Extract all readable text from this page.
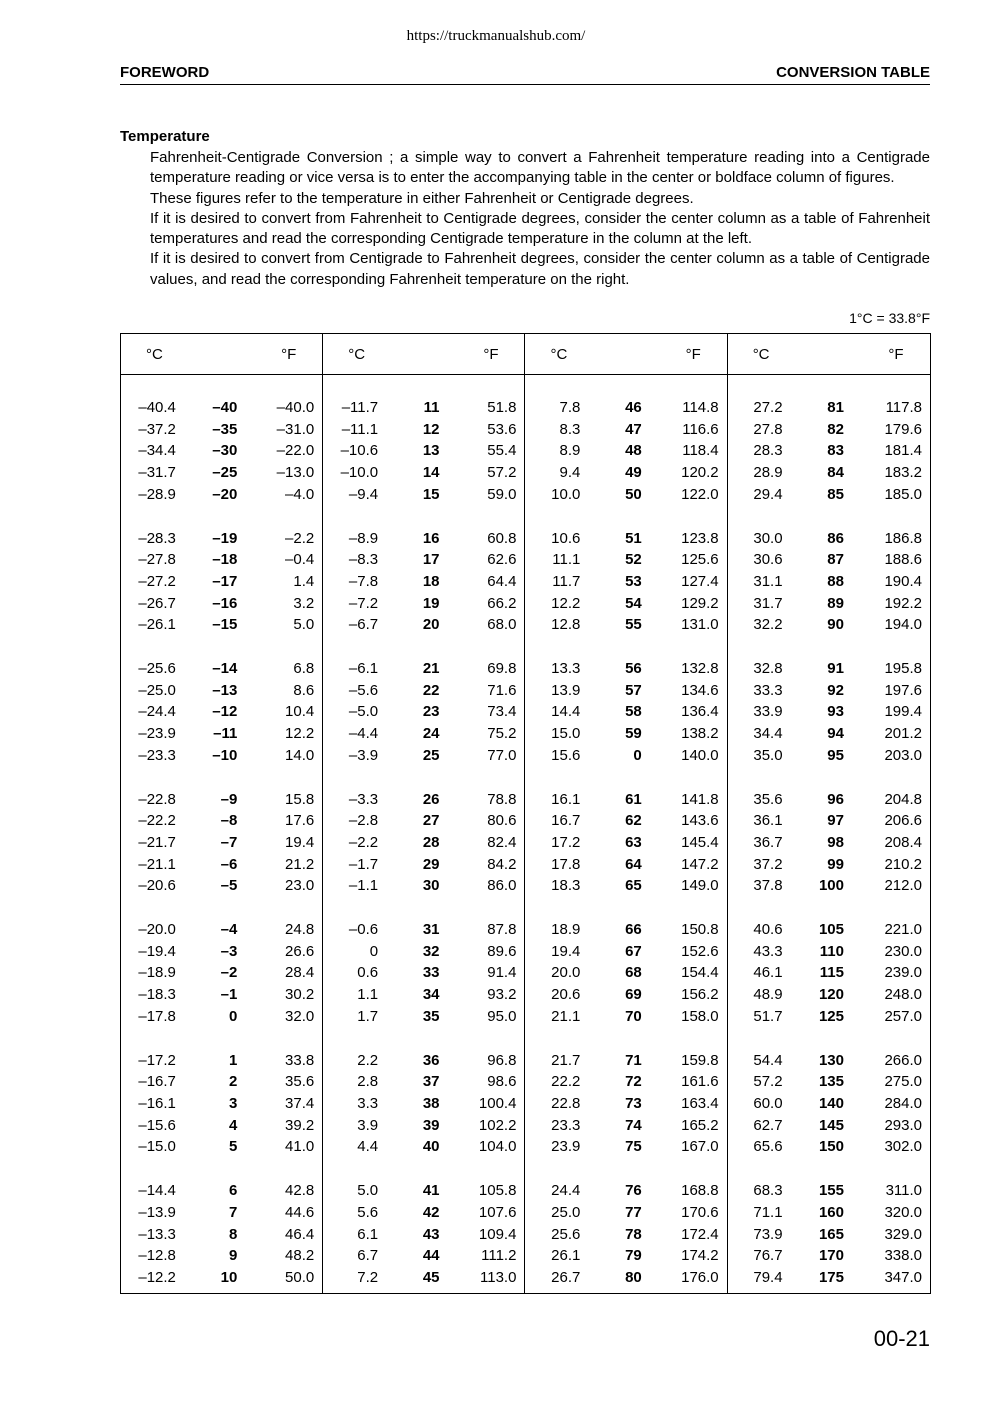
https://truckmanualshub.com/
FOREWORD	CONVERSION TABLE
Temperature

Fahrenheit-Centigrade Conversion ; a simple way to convert a Fahrenheit temperature reading into a Centigrade temperature reading or vice versa is to enter the accompanying table in the center or boldface column of figures.

These figures refer to the temperature in either Fahrenheit or Centigrade degrees.

If it is desired to convert from Fahrenheit to Centigrade degrees, consider the center column as a table of Fahrenheit temperatures and read the corresponding Centigrade temperature in the column at the left.

If it is desired to convert from Centigrade to Fahrenheit degrees, consider the center column as a table of Centigrade values, and read the corresponding Fahrenheit temperature on the right.

1°C = 33.8°F
°C		°F	°C		°F	°C		°F	°C		°F

–40.4	–40	–40.0	–11.7	11	51.8	7.8	46	114.8	27.2	81	117.8
–37.2	–35	–31.0	–11.1	12	53.6	8.3	47	116.6	27.8	82	179.6
–34.4	–30	–22.0	–10.6	13	55.4	8.9	48	118.4	28.3	83	181.4
–31.7	–25	–13.0	–10.0	14	57.2	9.4	49	120.2	28.9	84	183.2
–28.9	–20	–4.0	–9.4	15	59.0	10.0	50	122.0	29.4	85	185.0

–28.3	–19	–2.2	–8.9	16	60.8	10.6	51	123.8	30.0	86	186.8
–27.8	–18	–0.4	–8.3	17	62.6	11.1	52	125.6	30.6	87	188.6
–27.2	–17	1.4	–7.8	18	64.4	11.7	53	127.4	31.1	88	190.4
–26.7	–16	3.2	–7.2	19	66.2	12.2	54	129.2	31.7	89	192.2
–26.1	–15	5.0	–6.7	20	68.0	12.8	55	131.0	32.2	90	194.0

–25.6	–14	6.8	–6.1	21	69.8	13.3	56	132.8	32.8	91	195.8
–25.0	–13	8.6	–5.6	22	71.6	13.9	57	134.6	33.3	92	197.6
–24.4	–12	10.4	–5.0	23	73.4	14.4	58	136.4	33.9	93	199.4
–23.9	–11	12.2	–4.4	24	75.2	15.0	59	138.2	34.4	94	201.2
–23.3	–10	14.0	–3.9	25	77.0	15.6	0	140.0	35.0	95	203.0

–22.8	–9	15.8	–3.3	26	78.8	16.1	61	141.8	35.6	96	204.8
–22.2	–8	17.6	–2.8	27	80.6	16.7	62	143.6	36.1	97	206.6
–21.7	–7	19.4	–2.2	28	82.4	17.2	63	145.4	36.7	98	208.4
–21.1	–6	21.2	–1.7	29	84.2	17.8	64	147.2	37.2	99	210.2
–20.6	–5	23.0	–1.1	30	86.0	18.3	65	149.0	37.8	100	212.0

–20.0	–4	24.8	–0.6	31	87.8	18.9	66	150.8	40.6	105	221.0
–19.4	–3	26.6	0	32	89.6	19.4	67	152.6	43.3	110	230.0
–18.9	–2	28.4	0.6	33	91.4	20.0	68	154.4	46.1	115	239.0
–18.3	–1	30.2	1.1	34	93.2	20.6	69	156.2	48.9	120	248.0
–17.8	0	32.0	1.7	35	95.0	21.1	70	158.0	51.7	125	257.0

–17.2	1	33.8	2.2	36	96.8	21.7	71	159.8	54.4	130	266.0
–16.7	2	35.6	2.8	37	98.6	22.2	72	161.6	57.2	135	275.0
–16.1	3	37.4	3.3	38	100.4	22.8	73	163.4	60.0	140	284.0
–15.6	4	39.2	3.9	39	102.2	23.3	74	165.2	62.7	145	293.0
–15.0	5	41.0	4.4	40	104.0	23.9	75	167.0	65.6	150	302.0

–14.4	6	42.8	5.0	41	105.8	24.4	76	168.8	68.3	155	311.0
–13.9	7	44.6	5.6	42	107.6	25.0	77	170.6	71.1	160	320.0
–13.3	8	46.4	6.1	43	109.4	25.6	78	172.4	73.9	165	329.0
–12.8	9	48.2	6.7	44	111.2	26.1	79	174.2	76.7	170	338.0
–12.2	10	50.0	7.2	45	113.0	26.7	80	176.0	79.4	175	347.0
00-21
